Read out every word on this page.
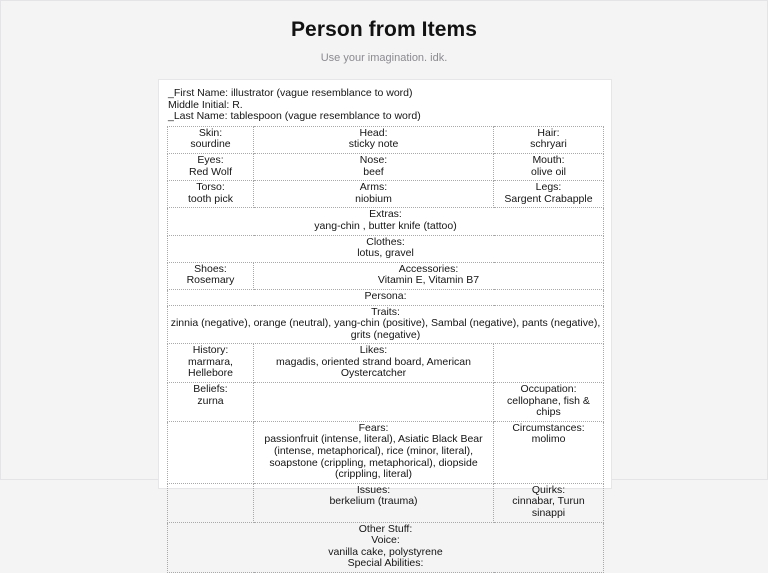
Person from Items

Use your imagination. idk.

_First Name: illustrator (vague resemblance to word)
Middle Initial: R.
_Last Name: tablespoon (vague resemblance to word)
Skin:
sourdine	Head:
sticky note	Hair:
schryari

Eyes:
Red Wolf	Nose:
beef	Mouth:
olive oil

Torso:
tooth pick	Arms:
niobium	Legs:
Sargent Crabapple

Extras:
yang-chin , butter knife (tattoo)		

Clothes:
lotus, gravel		

Shoes:
Rosemary	Accessories:
Vitamin E, Vitamin B7	

Persona:		

Traits:
zinnia (negative), orange (neutral), yang-chin (positive), Sambal (negative), pants (negative), grits (negative)		

History:
marmara, Hellebore	Likes:
magadis, oriented strand board, American Oystercatcher	

Beliefs:
zurna		Occupation:
cellophane, fish & chips

	Fears:
passionfruit (intense, literal), Asiatic Black Bear (intense, metaphorical), rice (minor, literal), soapstone (crippling, metaphorical), diopside (crippling, literal)	Circumstances:
molimo

	Issues:
berkelium (trauma)	Quirks:
cinnabar, Turun sinappi

Other Stuff:
Voice:
vanilla cake, polystyrene
Special Abilities:		
